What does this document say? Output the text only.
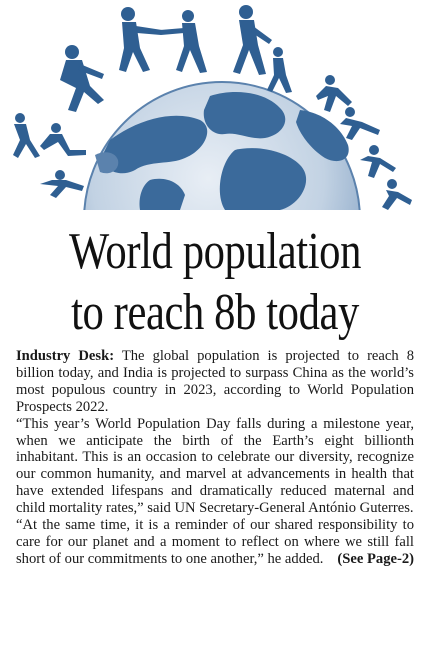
World population
to reach 8b today

Industry Desk: The global population is projected to reach 8 billion today, and India is projected to surpass China as the world’s most populous country in 2023, according to World Population Prospects 2022.

“This year’s World Population Day falls during a milestone year, when we anticipate the birth of the Earth’s eight billionth inhabitant. This is an occasion to celebrate our diversity, recognize our common humanity, and marvel at advancements in health that have extended lifespans and dramatically reduced maternal and child mortality rates,” said UN Secretary-General António Guterres.

“At the same time, it is a reminder of our shared responsibility to care for our planet and a moment to reflect on where we still fall short of our commitments to one another,” he added. (See Page-2)
